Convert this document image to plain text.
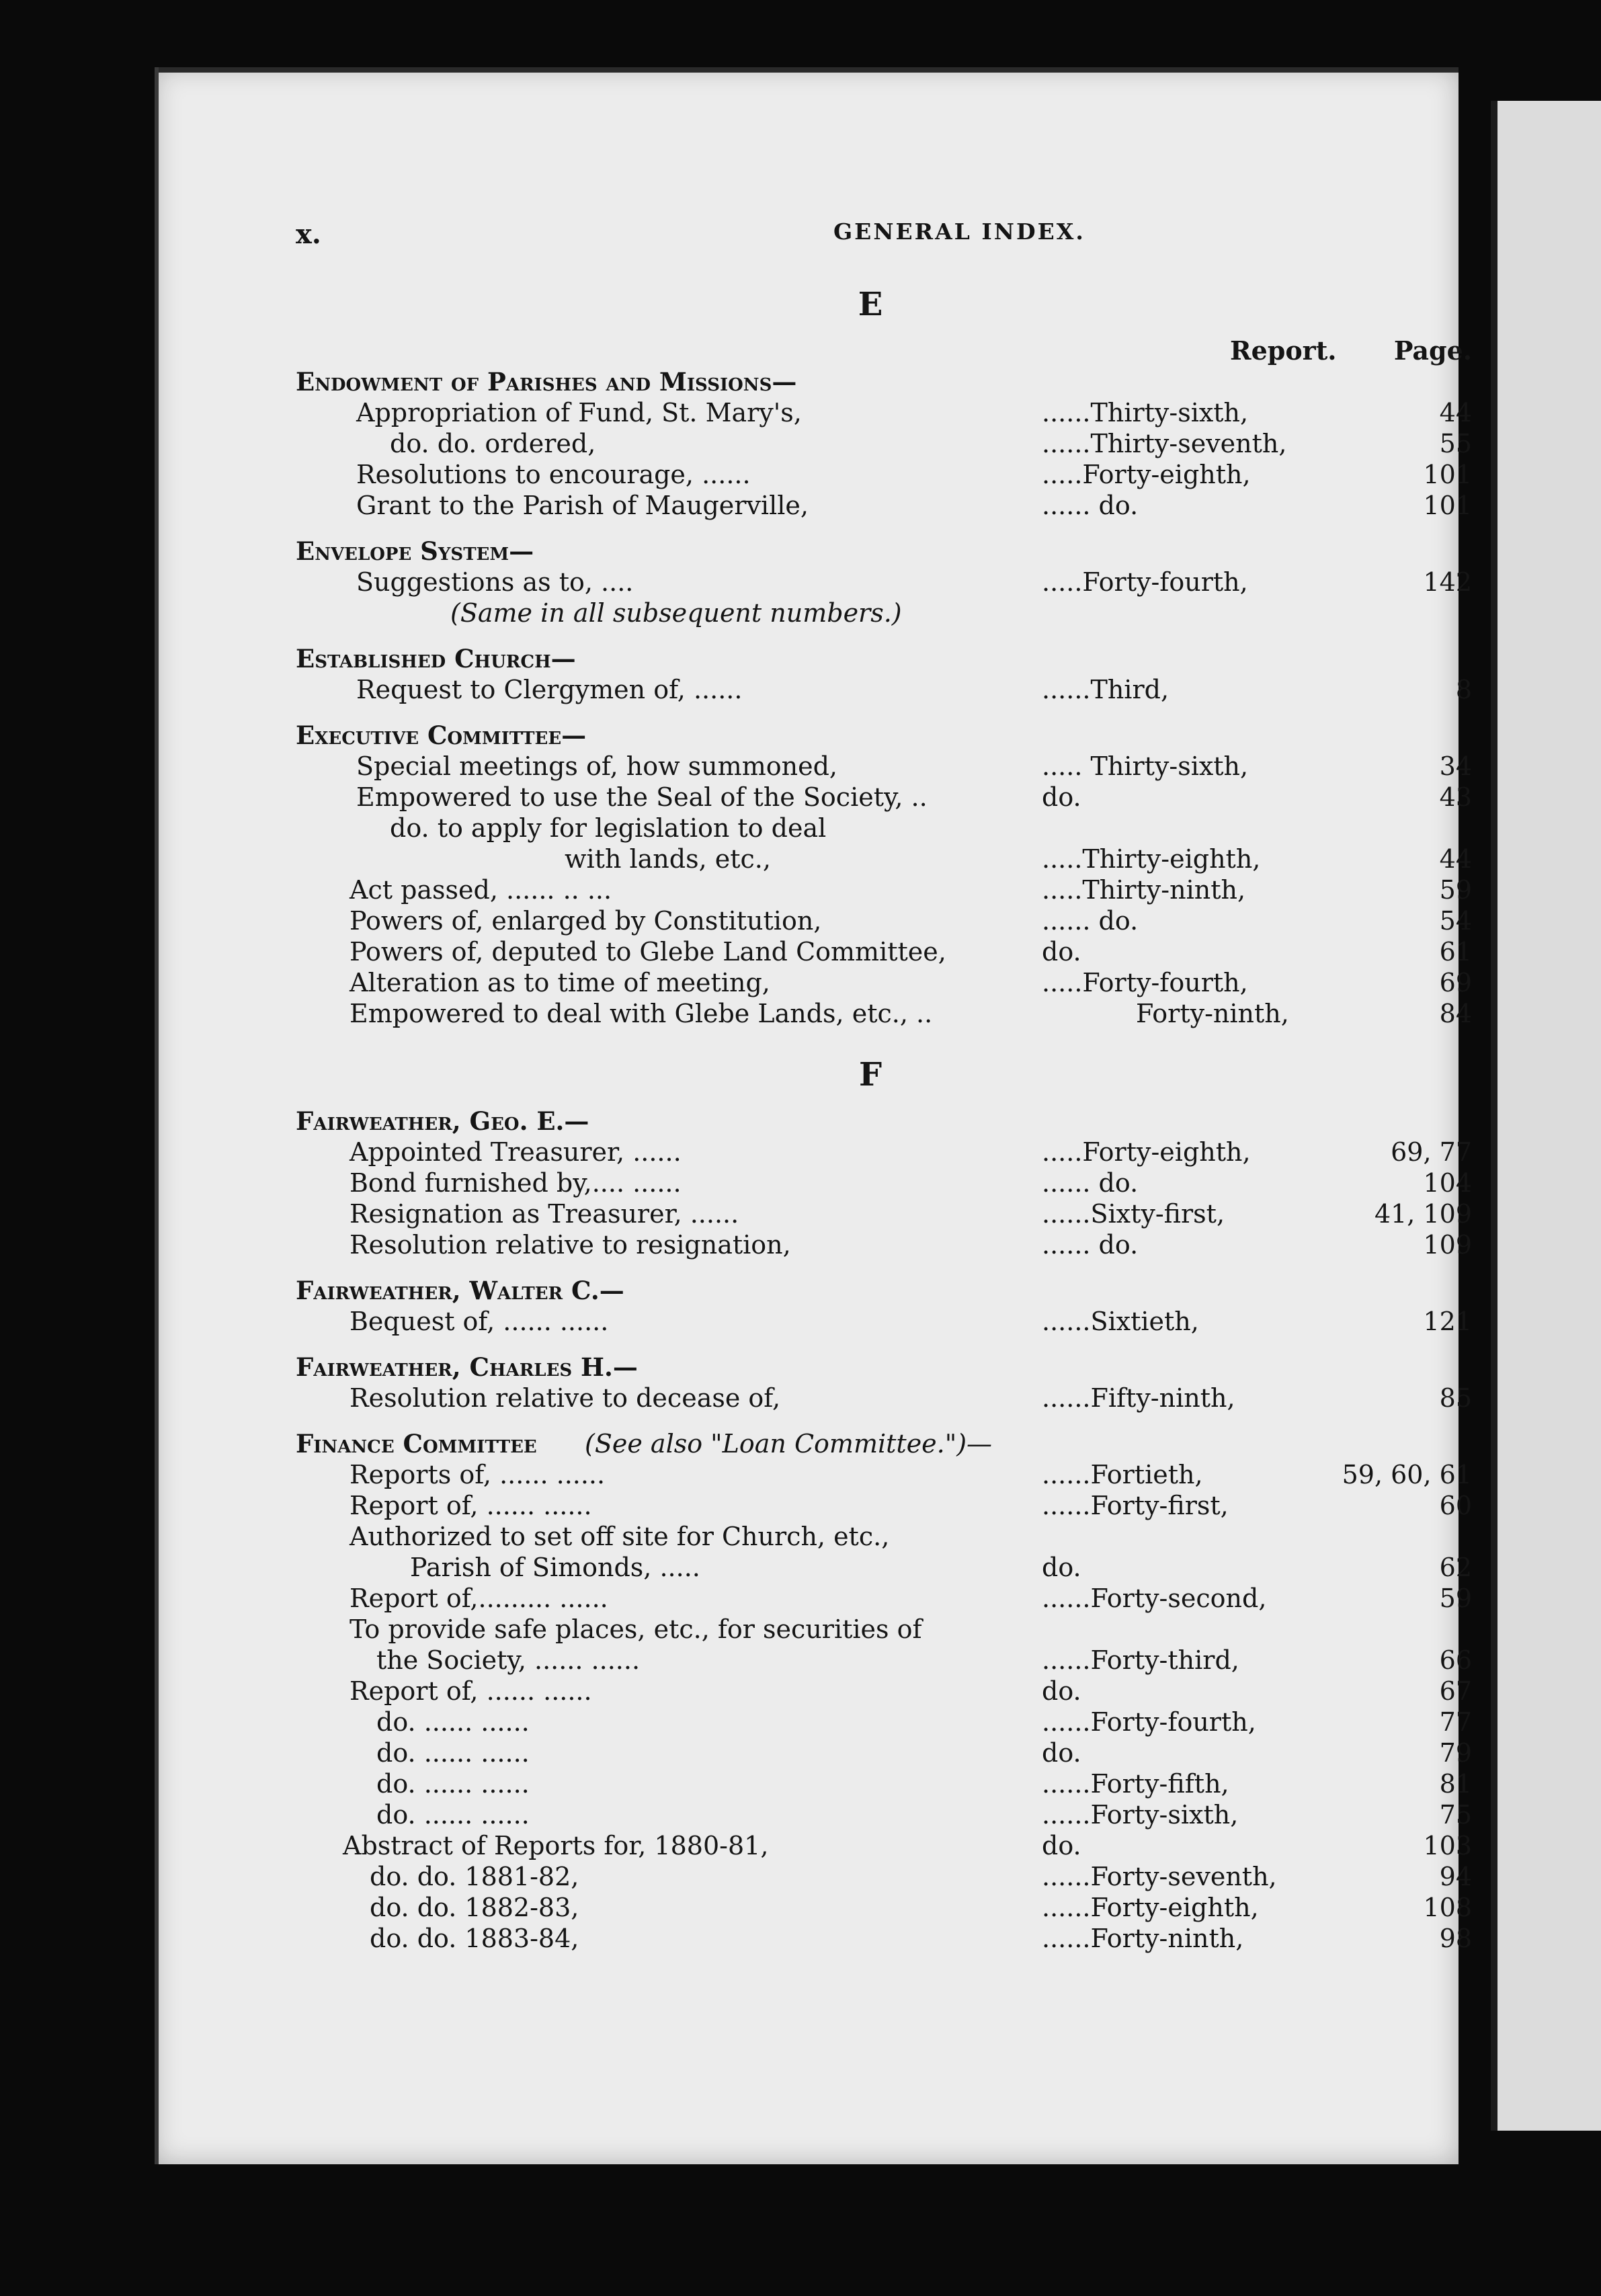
x.	GENERAL INDEX.
E
Report.	Page.
Endowment of Parishes and Missions—
Appropriation of Fund, St. Mary's,	......Thirty-sixth,	44
do. do. ordered,	......Thirty-seventh,	55
Resolutions to encourage, ......	.....Forty-eighth,	101
Grant to the Parish of Maugerville,	...... do.	101
Envelope System—
Suggestions as to, ....	.....Forty-fourth,	142
(Same in all subsequent numbers.)
Established Church—
Request to Clergymen of, ......	......Third,	8
Executive Committee—
Special meetings of, how summoned,	..... Thirty-sixth,	34
Empowered to use the Seal of the Society, ..	do.	43
do. to apply for legislation to deal
with lands, etc.,	.....Thirty-eighth,	44
Act passed, ...... .. ...	.....Thirty-ninth,	59
Powers of, enlarged by Constitution,	...... do.	54
Powers of, deputed to Glebe Land Committee,	do.	61
Alteration as to time of meeting,	.....Forty-fourth,	69
Empowered to deal with Glebe Lands, etc., ..	Forty-ninth,	84
F
Fairweather, Geo. E.—
Appointed Treasurer, ......	.....Forty-eighth,	69, 77
Bond furnished by,.... ......	...... do.	104
Resignation as Treasurer, ......	......Sixty-first,	41, 109
Resolution relative to resignation,	...... do.	109
Fairweather, Walter C.—
Bequest of, ...... ......	......Sixtieth,	121
Fairweather, Charles H.—
Resolution relative to decease of,	......Fifty-ninth,	85
Finance Committee (See also "Loan Committee.")—
Reports of, ...... ......	......Fortieth,	59, 60, 61
Report of, ...... ......	......Forty-first,	60
Authorized to set off site for Church, etc.,
Parish of Simonds, .....	do.	62
Report of,......... ......	......Forty-second,	59
To provide safe places, etc., for securities of
the Society, ...... ......	......Forty-third,	66
Report of, ...... ......	do.	67
do. ...... ......	......Forty-fourth,	77
do. ...... ......	do.	79
do. ...... ......	......Forty-fifth,	81
do. ...... ......	......Forty-sixth,	75
Abstract of Reports for, 1880-81,	do.	103
do. do. 1881-82,	......Forty-seventh,	94
do. do. 1882-83,	......Forty-eighth,	108
do. do. 1883-84,	......Forty-ninth,	98
